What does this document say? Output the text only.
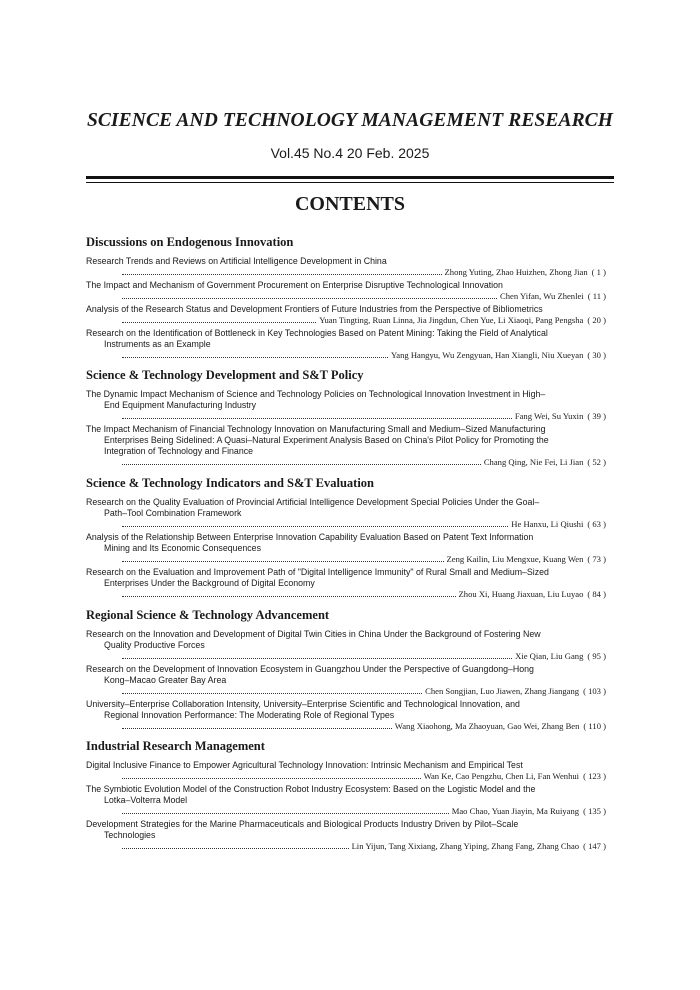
SCIENCE AND TECHNOLOGY MANAGEMENT RESEARCH
Vol.45 No.4 20 Feb. 2025
CONTENTS
Discussions on Endogenous Innovation
Research Trends and Reviews on Artificial Intelligence Development in China
Zhong Yuting, Zhao Huizhen, Zhong Jian ( 1 )
The Impact and Mechanism of Government Procurement on Enterprise Disruptive Technological Innovation
Chen Yifan, Wu Zhenlei ( 11 )
Analysis of the Research Status and Development Frontiers of Future Industries from the Perspective of Bibliometrics
Yuan Tingting, Ruan Linna, Jia Jingdun, Chen Yue, Li Xiaoqi, Pang Pengsha ( 20 )
Research on the Identification of Bottleneck in Key Technologies Based on Patent Mining: Taking the Field of Analytical

Instruments as an Example
Yang Hangyu, Wu Zengyuan, Han Xiangli, Niu Xueyan ( 30 )
Science & Technology Development and S&T Policy
The Dynamic Impact Mechanism of Science and Technology Policies on Technological Innovation Investment in High–

End Equipment Manufacturing Industry
Fang Wei, Su Yuxin ( 39 )
The Impact Mechanism of Financial Technology Innovation on Manufacturing Small and Medium–Sized Manufacturing

Enterprises Being Sidelined: A Quasi–Natural Experiment Analysis Based on China's Pilot Policy for Promoting the
Integration of Technology and Finance
Chang Qing, Nie Fei, Li Jian ( 52 )
Science & Technology Indicators and S&T Evaluation
Research on the Quality Evaluation of Provincial Artificial Intelligence Development Special Policies Under the Goal–

Path–Tool Combination Framework
He Hanxu, Li Qiushi ( 63 )
Analysis of the Relationship Between Enterprise Innovation Capability Evaluation Based on Patent Text Information

Mining and Its Economic Consequences
Zeng Kailin, Liu Mengxue, Kuang Wen ( 73 )
Research on the Evaluation and Improvement Path of "Digital Intelligence Immunity" of Rural Small and Medium–Sized

Enterprises Under the Background of Digital Economy
Zhou Xi, Huang Jiaxuan, Liu Luyao ( 84 )
Regional Science & Technology Advancement
Research on the Innovation and Development of Digital Twin Cities in China Under the Background of Fostering New

Quality Productive Forces
Xie Qian, Liu Gang ( 95 )
Research on the Development of Innovation Ecosystem in Guangzhou Under the Perspective of Guangdong–Hong

Kong–Macao Greater Bay Area
Chen Songjian, Luo Jiawen, Zhang Jiangang ( 103 )
University–Enterprise Collaboration Intensity, University–Enterprise Scientific and Technological Innovation, and

Regional Innovation Performance: The Moderating Role of Regional Types
Wang Xiaohong, Ma Zhaoyuan, Gao Wei, Zhang Ben ( 110 )
Industrial Research Management
Digital Inclusive Finance to Empower Agricultural Technology Innovation: Intrinsic Mechanism and Empirical Test
Wan Ke, Cao Pengzhu, Chen Li, Fan Wenhui ( 123 )
The Symbiotic Evolution Model of the Construction Robot Industry Ecosystem: Based on the Logistic Model and the

Lotka–Volterra Model
Mao Chao, Yuan Jiayin, Ma Ruiyang ( 135 )
Development Strategies for the Marine Pharmaceuticals and Biological Products Industry Driven by Pilot–Scale

Technologies
Lin Yijun, Tang Xixiang, Zhang Yiping, Zhang Fang, Zhang Chao ( 147 )
